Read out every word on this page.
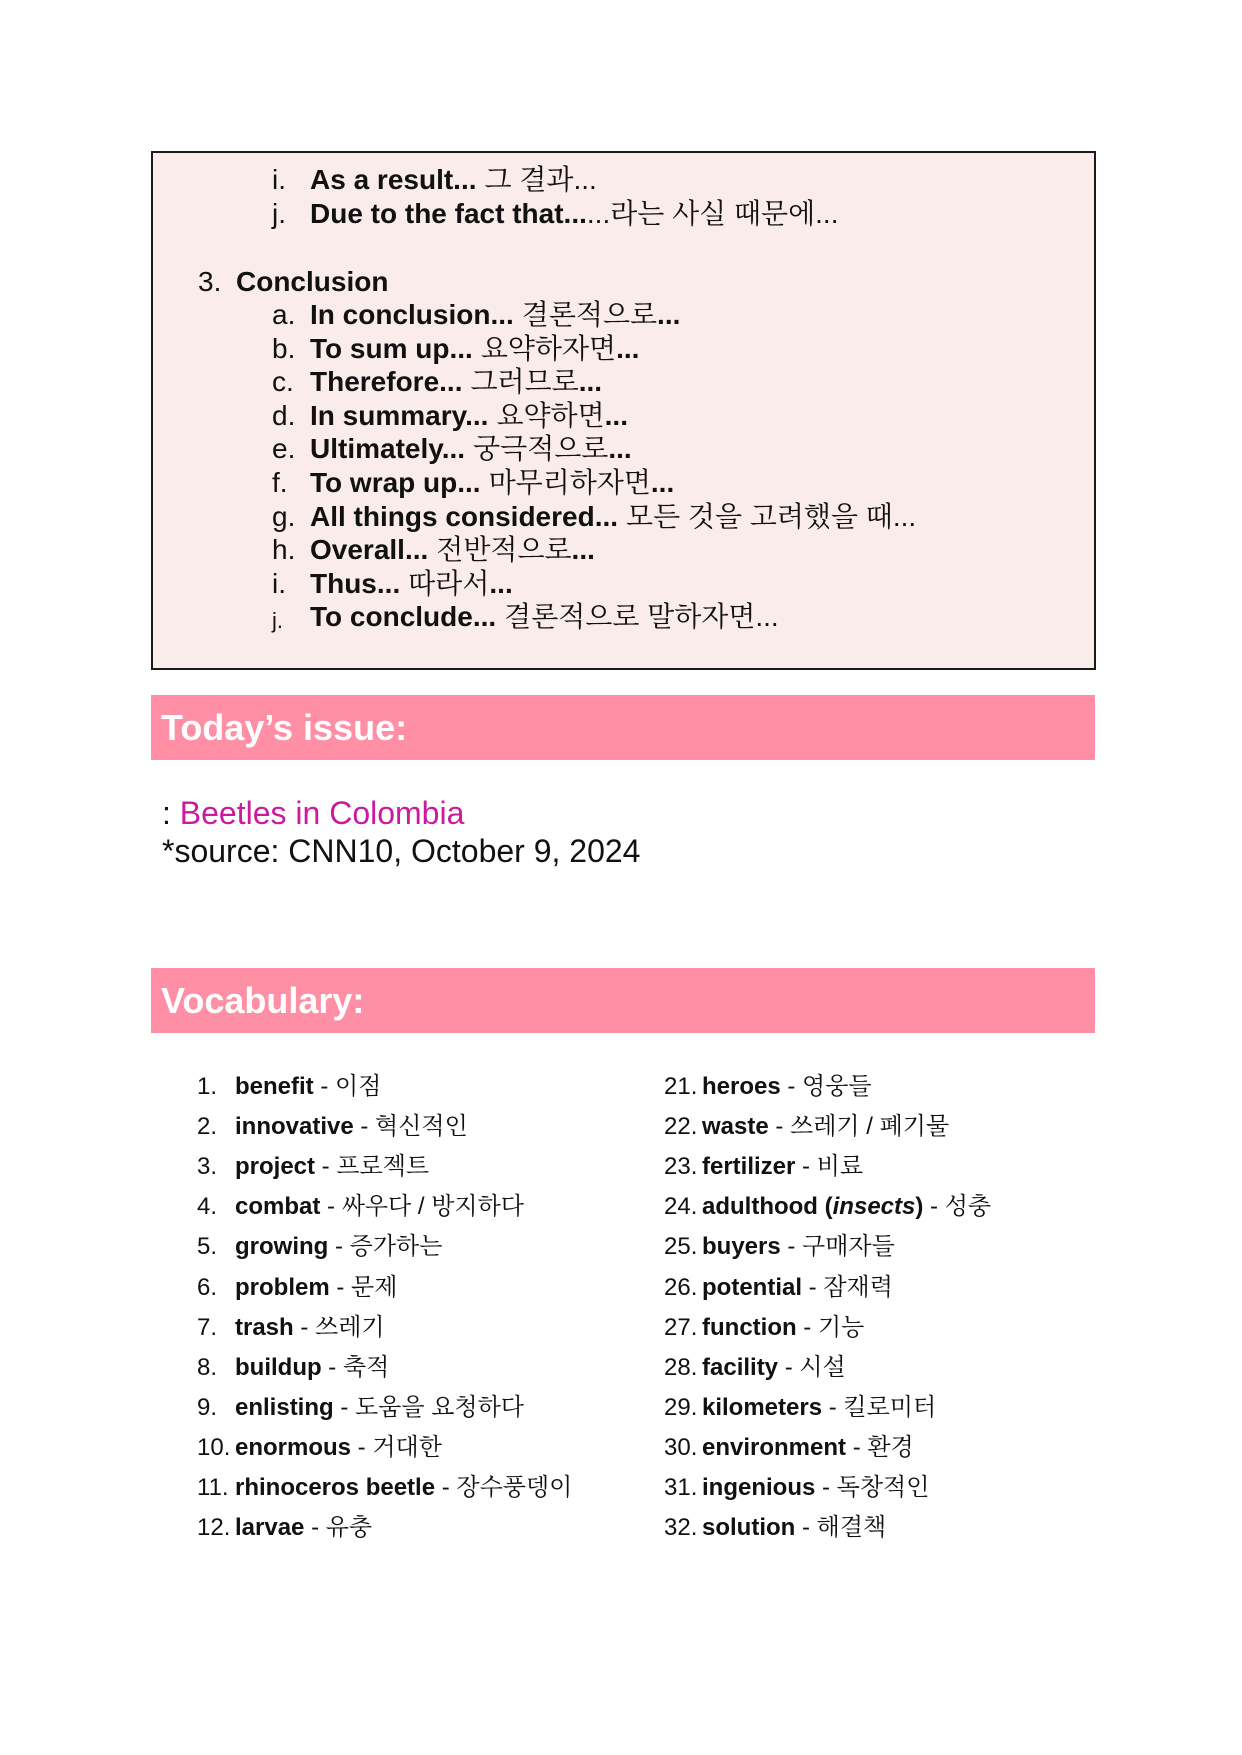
i. As a result... 그 결과...
j. Due to the fact that......라는 사실 때문에...
3. Conclusion
a. In conclusion... 결론적으로...
b. To sum up... 요약하자면...
c. Therefore... 그러므로...
d. In summary... 요약하면...
e. Ultimately... 궁극적으로...
f. To wrap up... 마무리하자면...
g. All things considered... 모든 것을 고려했을 때...
h. Overall... 전반적으로...
i. Thus... 따라서...
j. To conclude... 결론적으로 말하자면...
Today’s issue:
: Beetles in Colombia
*source: CNN10, October 9, 2024
Vocabulary:
1. benefit - 이점
2. innovative - 혁신적인
3. project - 프로젝트
4. combat - 싸우다 / 방지하다
5. growing - 증가하는
6. problem - 문제
7. trash - 쓰레기
8. buildup - 축적
9. enlisting - 도움을 요청하다
10. enormous - 거대한
11. rhinoceros beetle - 장수풍뎅이
12. larvae - 유충
21. heroes - 영웅들
22. waste - 쓰레기 / 폐기물
23. fertilizer - 비료
24. adulthood (insects) - 성충
25. buyers - 구매자들
26. potential - 잠재력
27. function - 기능
28. facility - 시설
29. kilometers - 킬로미터
30. environment - 환경
31. ingenious - 독창적인
32. solution - 해결책
